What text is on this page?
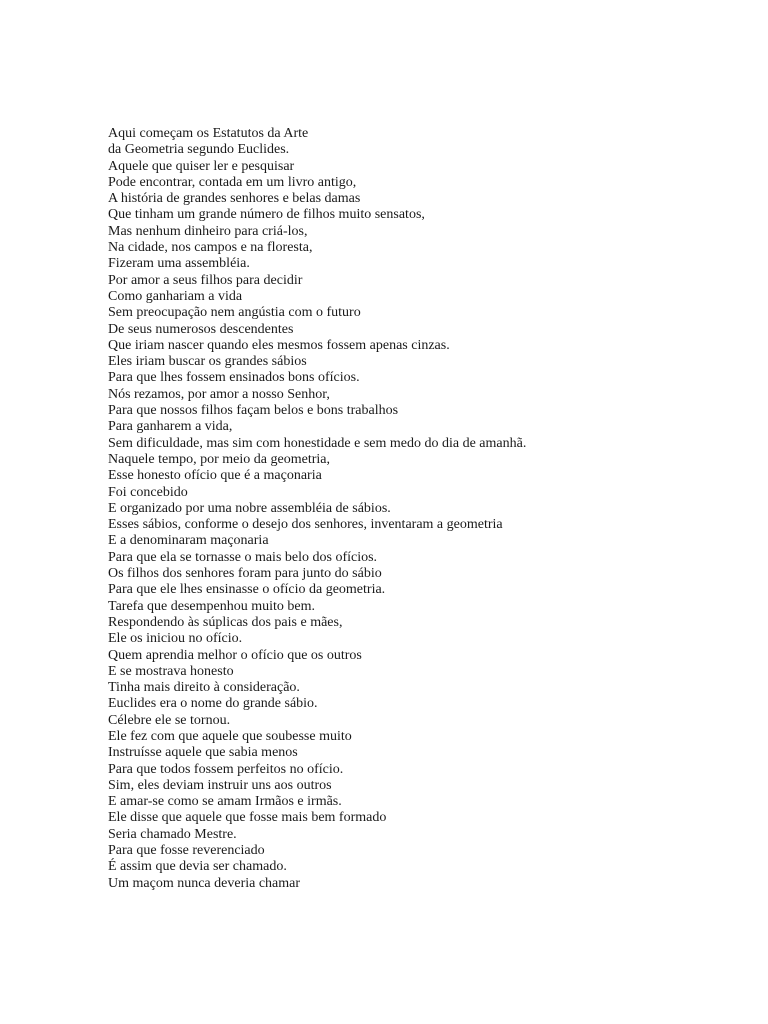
Aqui começam os Estatutos da Arte
da Geometria segundo Euclides.
Aquele que quiser ler e pesquisar
Pode encontrar, contada em um livro antigo,
A história de grandes senhores e belas damas
Que tinham um grande número de filhos muito sensatos,
Mas nenhum dinheiro para criá-los,
Na cidade, nos campos e na floresta,
Fizeram uma assembléia.
Por amor a seus filhos para decidir
Como ganhariam a vida
Sem preocupação nem angústia com o futuro
De seus numerosos descendentes
Que iriam nascer quando eles mesmos fossem apenas cinzas.
Eles iriam buscar os grandes sábios
Para que lhes fossem ensinados bons ofícios.
Nós rezamos, por amor a nosso Senhor,
Para que nossos filhos façam belos e bons trabalhos
Para ganharem a vida,
Sem dificuldade, mas sim com honestidade e sem medo do dia de amanhã.
Naquele tempo, por meio da geometria,
Esse honesto ofício que é a maçonaria
Foi concebido
E organizado por uma nobre assembléia de sábios.
Esses sábios, conforme o desejo dos senhores, inventaram a geometria
E a denominaram maçonaria
Para que ela se tornasse o mais belo dos ofícios.
Os filhos dos senhores foram para junto do sábio
Para que ele lhes ensinasse o ofício da geometria.
Tarefa que desempenhou muito bem.
Respondendo às súplicas dos pais e mães,
Ele os iniciou no ofício.
Quem aprendia melhor o ofício que os outros
E se mostrava honesto
Tinha mais direito à consideração.
Euclides era o nome do grande sábio.
Célebre ele se tornou.
Ele fez com que aquele que soubesse muito
Instruísse aquele que sabia menos
Para que todos fossem perfeitos no ofício.
Sim, eles deviam instruir uns aos outros
E amar-se como se amam Irmãos e irmãs.
Ele disse que aquele que fosse mais bem formado
Seria chamado Mestre.
Para que fosse reverenciado
É assim que devia ser chamado.
Um maçom nunca deveria chamar
